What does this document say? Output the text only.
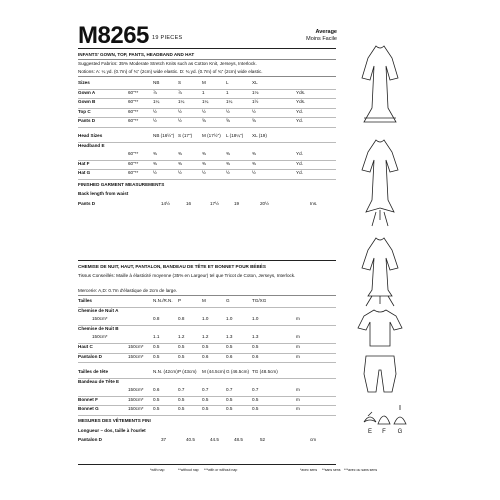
M8265 19 PIECES
Average
Moins Facile
INFANTS' GOWN, TOP, PANTS, HEADBAND AND HAT
Suggested Fabrics: 35% Moderate Stretch Knits such as Cotton Knit, Jerseys, Interlock.
Notions: A: ¼ yd. (0.7m) of ¾" (2cm) wide elastic. D: ¾ yd. (0.7m) of ¾" (2cm) wide elastic.
CHEMISE DE NUIT, HAUT, PANTALON, BANDEAU DE TÊTE ET BONNET POUR BÉBÉS
Tissus Conseillés: Maille à élasticité moyenne (35% en Largeur) tel que Tricot de Coton, Jerseys, Interlock.
Mercerie: A,D: 0.7m d'élastique de 2cm de large.
E F G
Sizes	NB	S	M	L	XL
Gown A	60"**	⅞	⅞	1	1	1⅛	Yds.
Gown B	60"**	1¼	1¼	1¼	1¼	1½	Yds.
Top C	60"**	½	½	½	½	½	Yd.
Pants D	60"**	½	½	⅝	⅝	⅝	Yd.
Head Sizes	NB (16½") S (17") M (17½") L (18¼") XL (19)
Headband E
60"**	⅜	⅜	⅜	⅜	⅜	Yd.
Hat F	60"**	⅜	⅜	⅜	⅜	⅜	Yd.
Hat G	60"**	½	½	½	½	½	Yd.
FINISHED GARMENT MEASUREMENTS
Back length from waist
Pants D	14½	16	17½	19	20½	Ins.
Tailles	N.N./R.N. P	M	G	TG/XG
Chemise de Nuit A
150cm*	0.8	0.8	1.0	1.0	1.0	m
Chemise de Nuit B
150cm*	1.1	1.2	1.2	1.3	1.3	m
Haut C	150cm* 0.5	0.5	0.5	0.5	0.5	m
Pantalon D	150cm* 0.5	0.5	0.6	0.6	0.6	m
Tailles de tête	N.N. (42cm) P (43cm) M (44.5cm) G (46.5cm) TG (48.5cm)
Bandeau de Tête E
150cm* 0.6	0.7	0.7	0.7	0.7	m
Bonnet F	150cm* 0.5	0.5	0.5	0.5	0.5	m
Bonnet G	150cm* 0.5	0.5	0.5	0.5	0.5	m
MESURES DES VÊTEMENTS FINI
Longueur – dos, taille à l'ourlet
Pantalon D	37	40.5	44.5	48.5	52	cm
*with nap	**without nap ***with or without nap	*avec sens **sans sens ***avec ou sans sens
